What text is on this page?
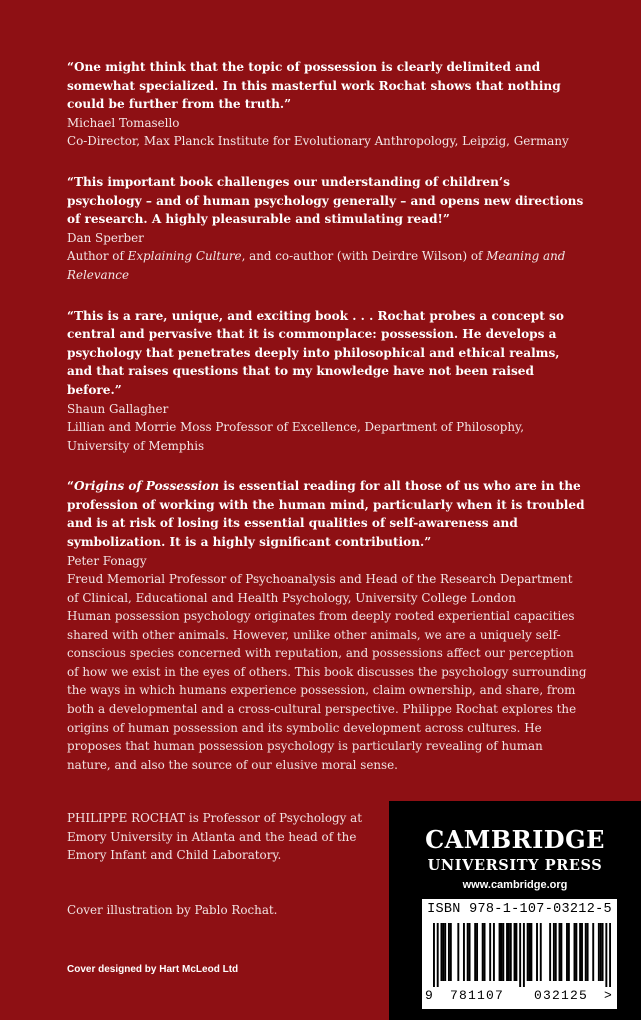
“One might think that the topic of possession is clearly delimited and somewhat specialized. In this masterful work Rochat shows that nothing could be further from the truth.”

Michael Tomasello

Co-Director, Max Planck Institute for Evolutionary Anthropology, Leipzig, Germany

“This important book challenges our understanding of children’s psychology – and of human psychology generally – and opens new directions of research. A highly pleasurable and stimulating read!”

Dan Sperber

Author of Explaining Culture, and co-author (with Deirdre Wilson) of Meaning and Relevance

“This is a rare, unique, and exciting book . . . Rochat probes a concept so central and pervasive that it is commonplace: possession. He develops a psychology that penetrates deeply into philosophical and ethical realms, and that raises questions that to my knowledge have not been raised before.”

Shaun Gallagher

Lillian and Morrie Moss Professor of Excellence, Department of Philosophy, University of Memphis

“Origins of Possession is essential reading for all those of us who are in the profession of working with the human mind, particularly when it is troubled and is at risk of losing its essential qualities of self-awareness and symbolization. It is a highly significant contribution.”

Peter Fonagy

Freud Memorial Professor of Psychoanalysis and Head of the Research Department of Clinical, Educational and Health Psychology, University College London

Human possession psychology originates from deeply rooted experiential capacities shared with other animals. However, unlike other animals, we are a uniquely self-conscious species concerned with reputation, and possessions affect our perception of how we exist in the eyes of others. This book discusses the psychology surrounding the ways in which humans experience possession, claim ownership, and share, from both a developmental and a cross-cultural perspective. Philippe Rochat explores the origins of human possession and its symbolic development across cultures. He proposes that human possession psychology is particularly revealing of human nature, and also the source of our elusive moral sense.

PHILIPPE ROCHAT is Professor of Psychology at Emory University in Atlanta and the head of the Emory Infant and Child Laboratory.

Cover illustration by Pablo Rochat.

Cover designed by Hart McLeod Ltd

CAMBRIDGE

UNIVERSITY PRESS

www.cambridge.org

ISBN 978-1-107-03212-5

9	781107	032125	>
